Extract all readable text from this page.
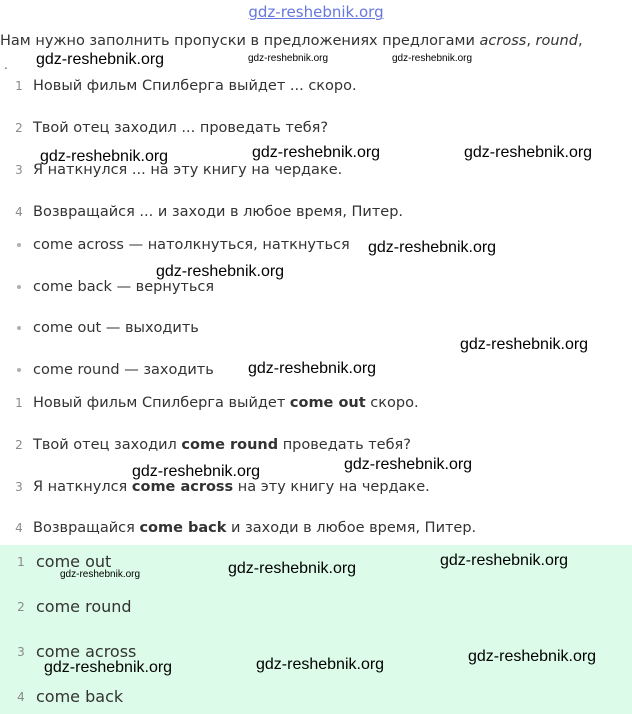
gdz-reshebnik.org
Нам нужно заполнить пропуски в предложениях предлогами across, round,
.
1 Новый фильм Спилберга выйдет ... скоро.
2 Твой отец заходил ... проведать тебя?
3 Я наткнулся ... на эту книгу на чердаке.
4 Возвращайся ... и заходи в любое время, Питер.
come across — натолкнуться, наткнуться
come back — вернуться
come out — выходить
come round — заходить
1 Новый фильм Спилберга выйдет come out скоро.
2 Твой отец заходил come round проведать тебя?
3 Я наткнулся come across на эту книгу на чердаке.
4 Возвращайся come back и заходи в любое время, Питер.
1 come out
2 come round
3 come across
4 come back
gdz-reshebnik.org	gdz-reshebnik.org	gdz-reshebnik.org
gdz-reshebnik.org	gdz-reshebnik.org	gdz-reshebnik.org
gdz-reshebnik.org
gdz-reshebnik.org
gdz-reshebnik.org
gdz-reshebnik.org
gdz-reshebnik.org
gdz-reshebnik.org
gdz-reshebnik.org
gdz-reshebnik.org
gdz-reshebnik.org
gdz-reshebnik.org
gdz-reshebnik.org
gdz-reshebnik.org
